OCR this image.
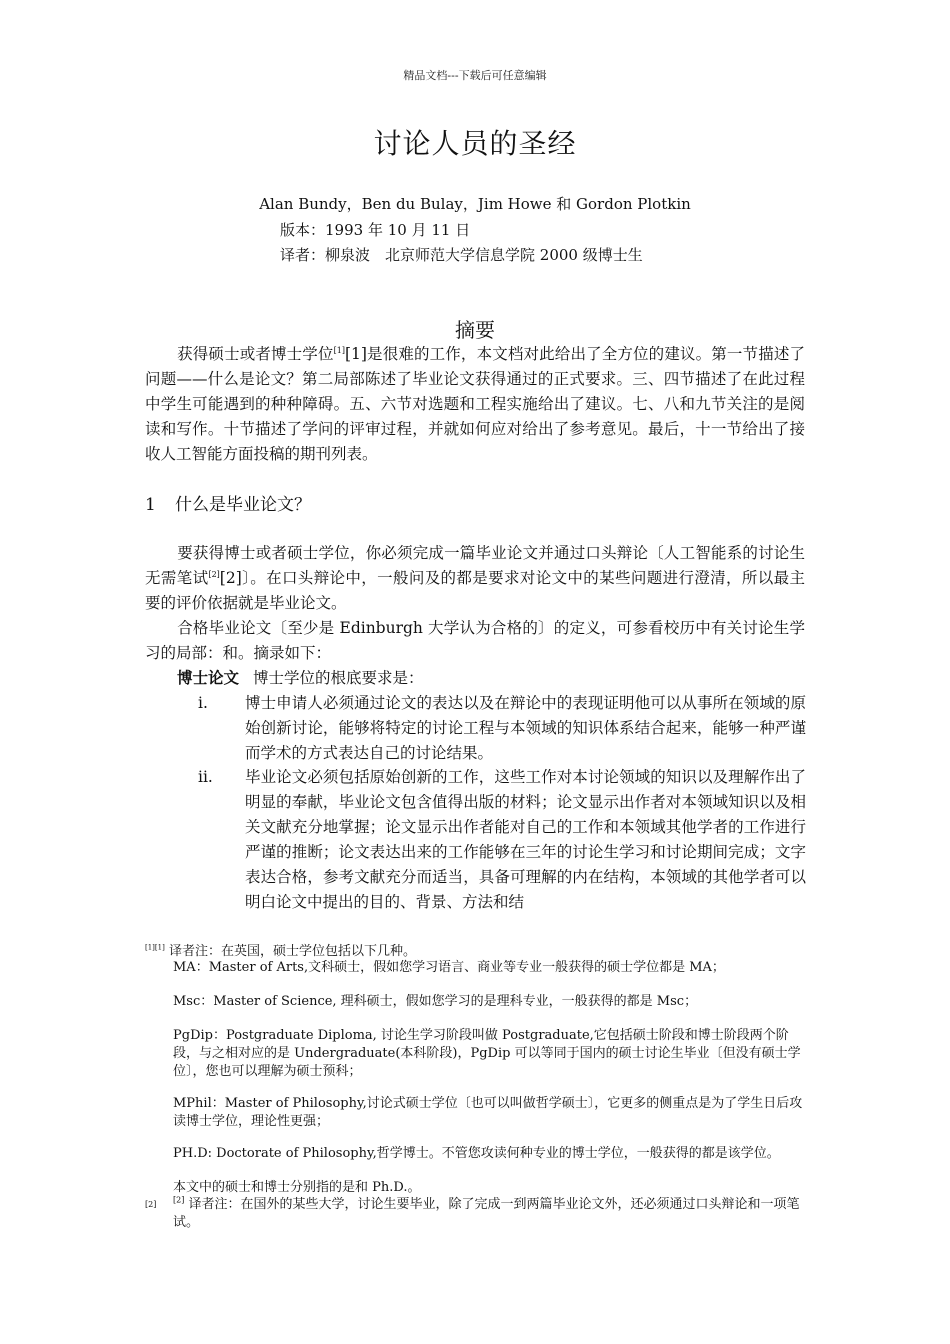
精品文档---下载后可任意编辑
讨论人员的圣经
Alan Bundy，Ben du Bulay，Jim Howe 和 Gordon Plotkin
版本：1993 年 10 月 11 日
译者：柳泉波　北京师范大学信息学院 2000 级博士生
摘要
获得硕士或者博士学位[1][1]是很难的工作，本文档对此给出了全方位的建议。第一节描述了问题——什么是论文？第二局部陈述了毕业论文获得通过的正式要求。三、四节描述了在此过程中学生可能遇到的种种障碍。五、六节对选题和工程实施给出了建议。七、八和九节关注的是阅读和写作。十节描述了学问的评审过程，并就如何应对给出了参考意见。最后，十一节给出了接收人工智能方面投稿的期刊列表。
1 什么是毕业论文？
要获得博士或者硕士学位，你必须完成一篇毕业论文并通过口头辩论〔人工智能系的讨论生无需笔试[2][2]〕。在口头辩论中，一般问及的都是要求对论文中的某些问题进行澄清，所以最主要的评价依据就是毕业论文。
合格毕业论文〔至少是 Edinburgh 大学认为合格的〕的定义，可参看校历中有关讨论生学习的局部：和。摘录如下：
博士论文 博士学位的根底要求是：
i.	博士申请人必须通过论文的表达以及在辩论中的表现证明他可以从事所在领域的原始创新讨论，能够将特定的讨论工程与本领域的知识体系结合起来，能够一种严谨而学术的方式表达自己的讨论结果。
ii.	毕业论文必须包括原始创新的工作，这些工作对本讨论领域的知识以及理解作出了明显的奉献，毕业论文包含值得出版的材料；论文显示出作者对本领域知识以及相关文献充分地掌握；论文显示出作者能对自己的工作和本领域其他学者的工作进行严谨的推断；论文表达出来的工作能够在三年的讨论生学习和讨论期间完成；文字表达合格，参考文献充分而适当，具备可理解的内在结构，本领域的其他学者可以明白论文中提出的目的、背景、方法和结
[1][1] 译者注：在英国，硕士学位包括以下几种。
MA：Master of Arts,文科硕士，假如您学习语言、商业等专业一般获得的硕士学位都是 MA；
Msc：Master of Science, 理科硕士，假如您学习的是理科专业，一般获得的都是 Msc；
PgDip：Postgraduate Diploma, 讨论生学习阶段叫做 Postgraduate,它包括硕士阶段和博士阶段两个阶段，与之相对应的是 Undergraduate(本科阶段)，PgDip 可以等同于国内的硕士讨论生毕业〔但没有硕士学位〕，您也可以理解为硕士预科；
MPhil：Master of Philosophy,讨论式硕士学位〔也可以叫做哲学硕士〕，它更多的侧重点是为了学生日后攻读博士学位，理论性更强；
PH.D: Doctorate of Philosophy,哲学博士。不管您攻读何种专业的博士学位，一般获得的都是该学位。
本文中的硕士和博士分别指的是和 Ph.D.。
[2] [2] 译者注：在国外的某些大学，讨论生要毕业，除了完成一到两篇毕业论文外，还必须通过口头辩论和一项笔试。
